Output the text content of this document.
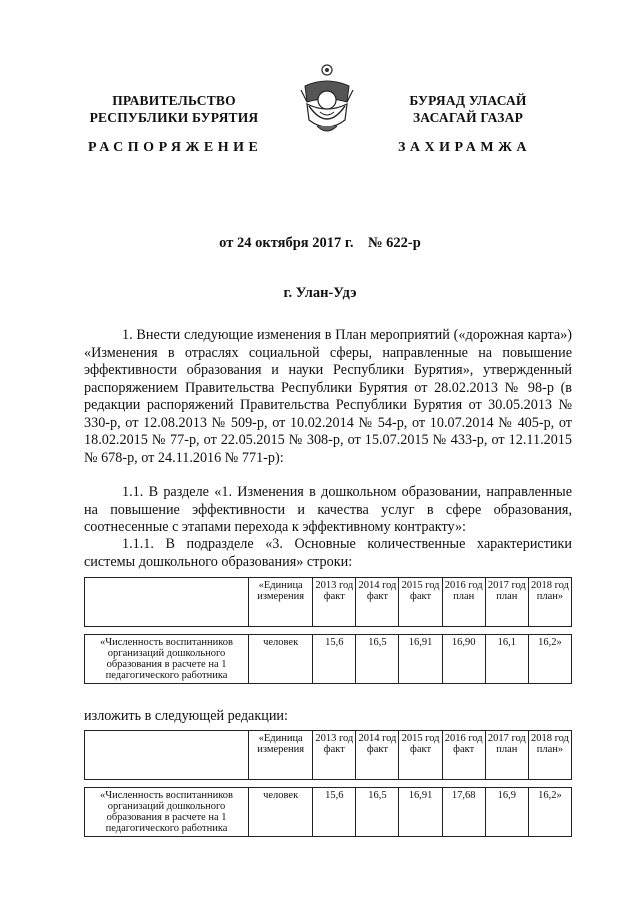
ПРАВИТЕЛЬСТВО
РЕСПУБЛИКИ БУРЯТИЯ
БУРЯАД УЛАСАЙ
ЗАСАГАЙ ГАЗАР
РАСПОРЯЖЕНИЕ	ЗАХИРАМЖА
от 24 октября 2017 г.    № 622-р
г. Улан-Удэ

1. Внести следующие изменения в План мероприятий («дорожная карта») «Изменения в отраслях социальной сферы, направленные на повышение эффективности образования и науки Республики Бурятия», утвержденный распоряжением Правительства Республики Бурятия от 28.02.2013 № 98-р (в редакции распоряжений Правительства Республики Бурятия от 30.05.2013 № 330-р, от 12.08.2013 № 509-р, от 10.02.2014 № 54-р, от 10.07.2014 № 405-р, от 18.02.2015 № 77-р, от 22.05.2015 № 308-р, от 15.07.2015 № 433-р, от 12.11.2015 № 678-р, от 24.11.2016 № 771-р):

1.1. В разделе «1. Изменения в дошкольном образовании, направленные на повышение эффективности и качества услуг в сфере образования, соотнесенные с этапами перехода к эффективному контракту»:

1.1.1. В подразделе «3. Основные количественные характеристики системы дошкольного образования» строки:

	«Единица измерения	2013 год факт	2014 год факт	2015 год факт	2016 год план	2017 год план	2018 год план»

«Численность воспитанников организаций дошкольного образования в расчете на 1 педагогического работника	человек	15,6	16,5	16,91	16,90	16,1	16,2»
изложить в следующей редакции:
	«Единица измерения	2013 год факт	2014 год факт	2015 год факт	2016 год факт	2017 год план	2018 год план»

«Численность воспитанников организаций дошкольного образования в расчете на 1 педагогического работника	человек	15,6	16,5	16,91	17,68	16,9	16,2»
